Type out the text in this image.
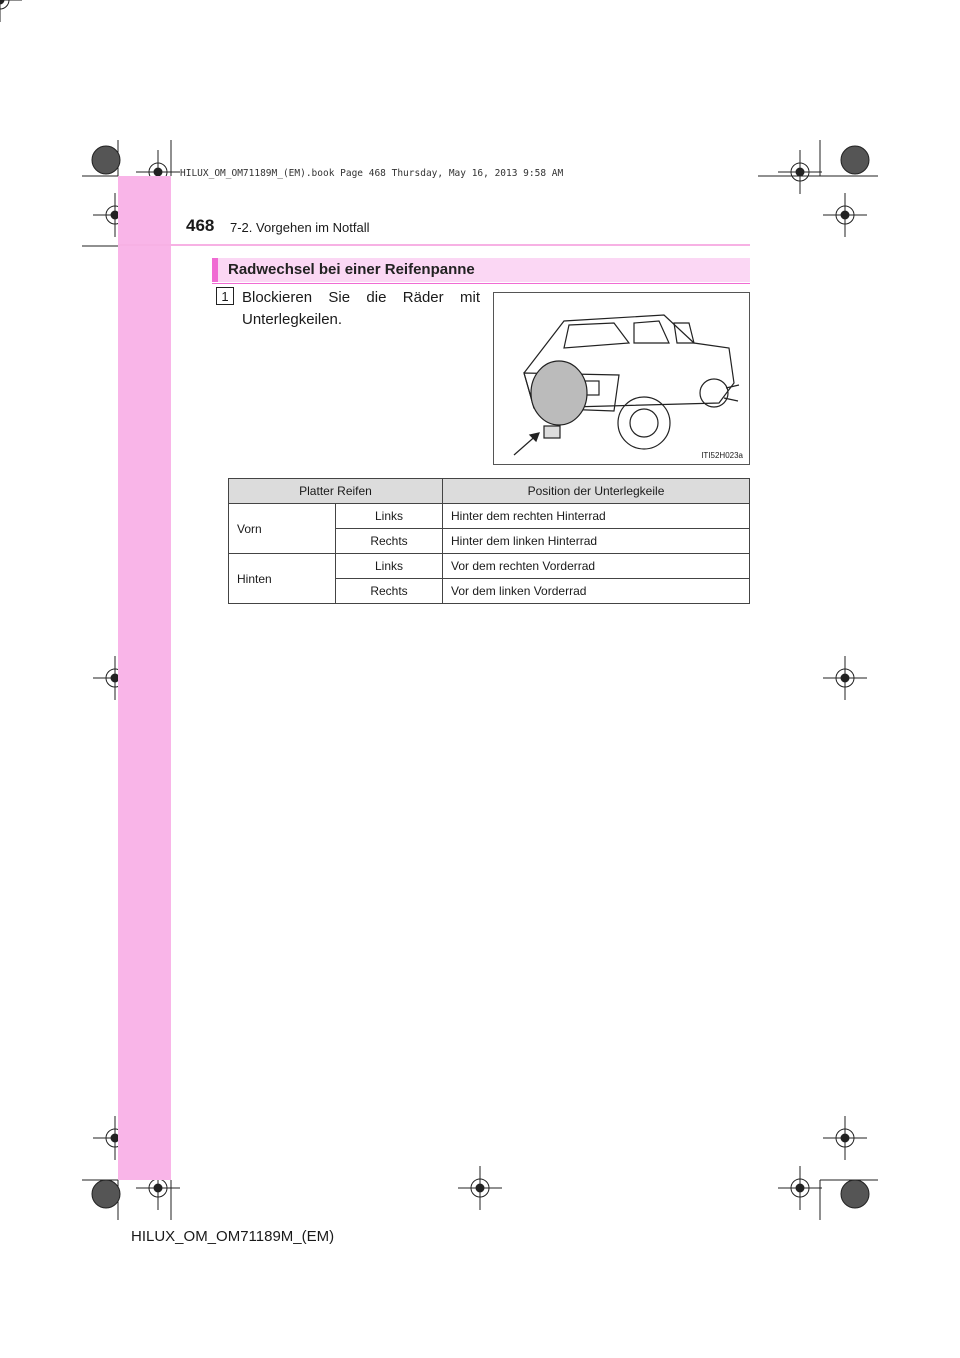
HILUX_OM_OM71189M_(EM).book Page 468 Thursday, May 16, 2013 9:58 AM
468 7-2. Vorgehen im Notfall
Radwechsel bei einer Reifenpanne
1 Blockieren Sie die Räder mit Unterlegkeilen.
ITI52H023a
Platter Reifen		Position der Unterlegkeile
Vorn	Links	Hinter dem rechten Hinterrad
	Rechts	Hinter dem linken Hinterrad
Hinten	Links	Vor dem rechten Vorderrad
	Rechts	Vor dem linken Vorderrad
HILUX_OM_OM71189M_(EM)
